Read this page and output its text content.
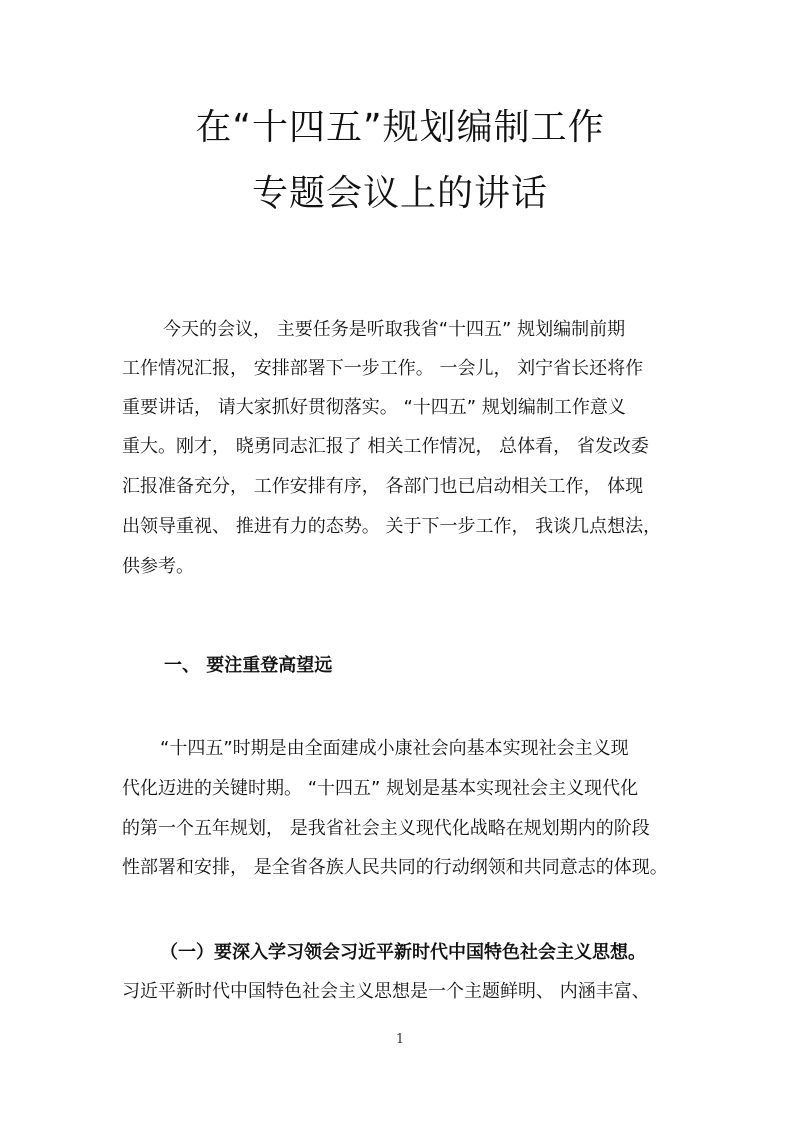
在“十四五”规划编制工作
专题会议上的讲话
今天的会议， 主要任务是听取我省“十四五” 规划编制前期
工作情况汇报， 安排部署下一步工作。 一会儿， 刘宁省长还将作
重要讲话， 请大家抓好贯彻落实。 “十四五” 规划编制工作意义
重大。刚才， 晓勇同志汇报了 相关工作情况， 总体看， 省发改委
汇报准备充分， 工作安排有序， 各部门也已启动相关工作， 体现
出领导重视、 推进有力的态势。 关于下一步工作， 我谈几点想法，
供参考。
一、 要注重登高望远
“十四五”时期是由全面建成小康社会向基本实现社会主义现
代化迈进的关键时期。 “十四五” 规划是基本实现社会主义现代化
的第一个五年规划， 是我省社会主义现代化战略在规划期内的阶段
性部署和安排， 是全省各族人民共同的行动纲领和共同意志的体现。
（一）要深入学习领会习近平新时代中国特色社会主义思想。
习近平新时代中国特色社会主义思想是一个主题鲜明、 内涵丰富、
1
